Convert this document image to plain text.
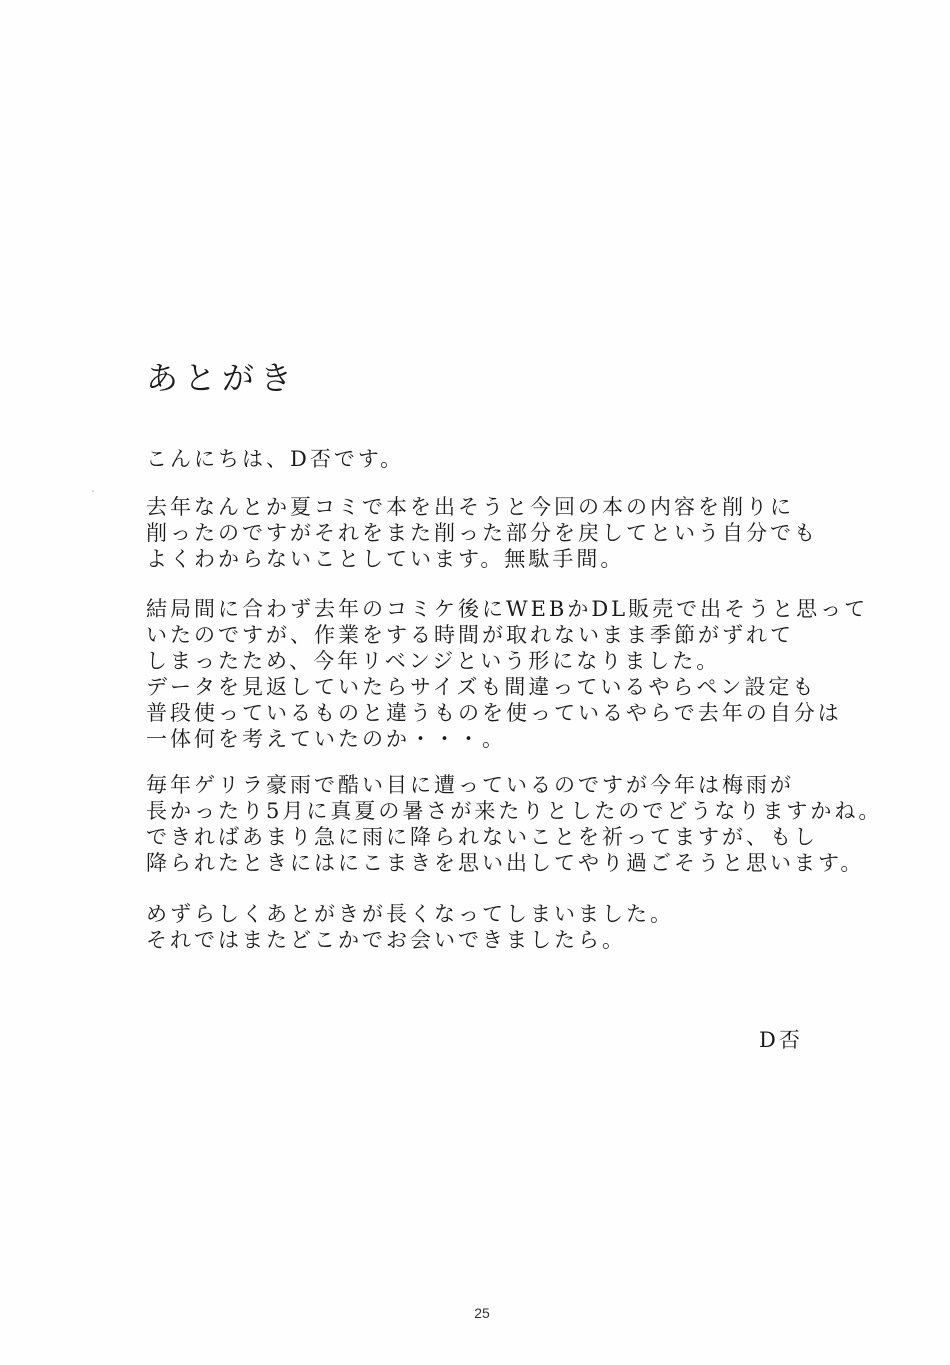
あとがき

こんにちは、D否です。

去年なんとか夏コミで本を出そうと今回の本の内容を削りに
削ったのですがそれをまた削った部分を戻してという自分でも
よくわからないことしています。無駄手間。

結局間に合わず去年のコミケ後にWEBかDL販売で出そうと思って
いたのですが、作業をする時間が取れないまま季節がずれて
しまったため、今年リベンジという形になりました。
データを見返していたらサイズも間違っているやらペン設定も
普段使っているものと違うものを使っているやらで去年の自分は
一体何を考えていたのか・・・。

毎年ゲリラ豪雨で酷い目に遭っているのですが今年は梅雨が
長かったり5月に真夏の暑さが来たりとしたのでどうなりますかね。
できればあまり急に雨に降られないことを祈ってますが、もし
降られたときにはにこまきを思い出してやり過ごそうと思います。

めずらしくあとがきが長くなってしまいました。
それではまたどこかでお会いできましたら。

D否
25
